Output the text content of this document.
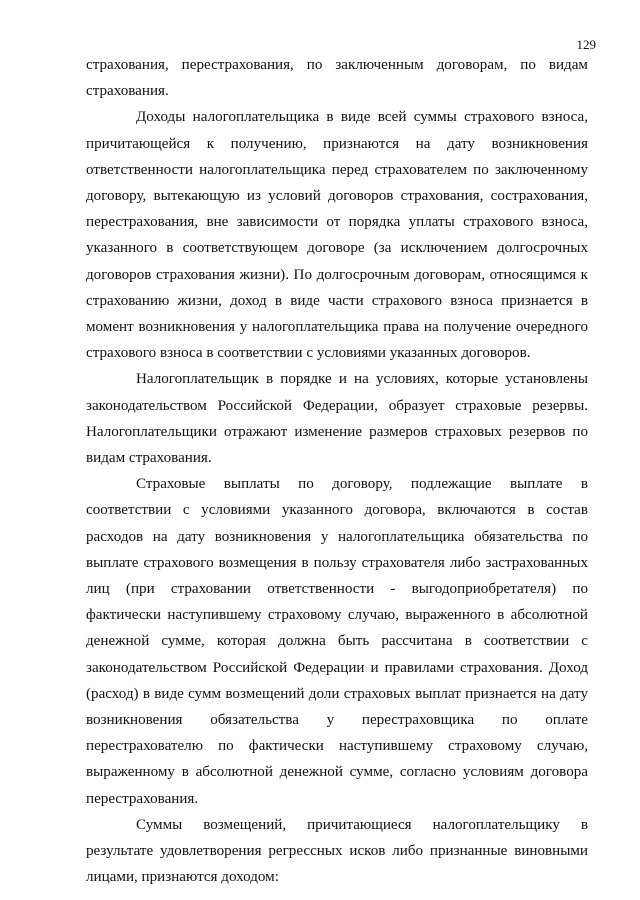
129

страхования, перестрахования, по заключенным договорам, по видам страхования.

Доходы налогоплательщика в виде всей суммы страхового взноса, причитающейся к получению, признаются на дату возникновения ответственности налогоплательщика перед страхователем по заключенному договору, вытекающую из условий договоров страхования, сострахования, перестрахования, вне зависимости от порядка уплаты страхового взноса, указанного в соответствующем договоре (за исключением долгосрочных договоров страхования жизни). По долгосрочным договорам, относящимся к страхованию жизни, доход в виде части страхового взноса признается в момент возникновения у налогоплательщика права на получение очередного страхового взноса в соответствии с условиями указанных договоров.

Налогоплательщик в порядке и на условиях, которые установлены законодательством Российской Федерации, образует страховые резервы. Налогоплательщики отражают изменение размеров страховых резервов по видам страхования.

Страховые выплаты по договору, подлежащие выплате в соответствии с условиями указанного договора, включаются в состав расходов на дату возникновения у налогоплательщика обязательства по выплате страхового возмещения в пользу страхователя либо застрахованных лиц (при страховании ответственности - выгодоприобретателя) по фактически наступившему страховому случаю, выраженного в абсолютной денежной сумме, которая должна быть рассчитана в соответствии с законодательством Российской Федерации и правилами страхования. Доход (расход) в виде сумм возмещений доли страховых выплат признается на дату возникновения обязательства у перестраховщика по оплате перестрахователю по фактически наступившему страховому случаю, выраженному в абсолютной денежной сумме, согласно условиям договора перестрахования.

Суммы возмещений, причитающиеся налогоплательщику в результате удовлетворения регрессных исков либо признанные виновными лицами, признаются доходом:
